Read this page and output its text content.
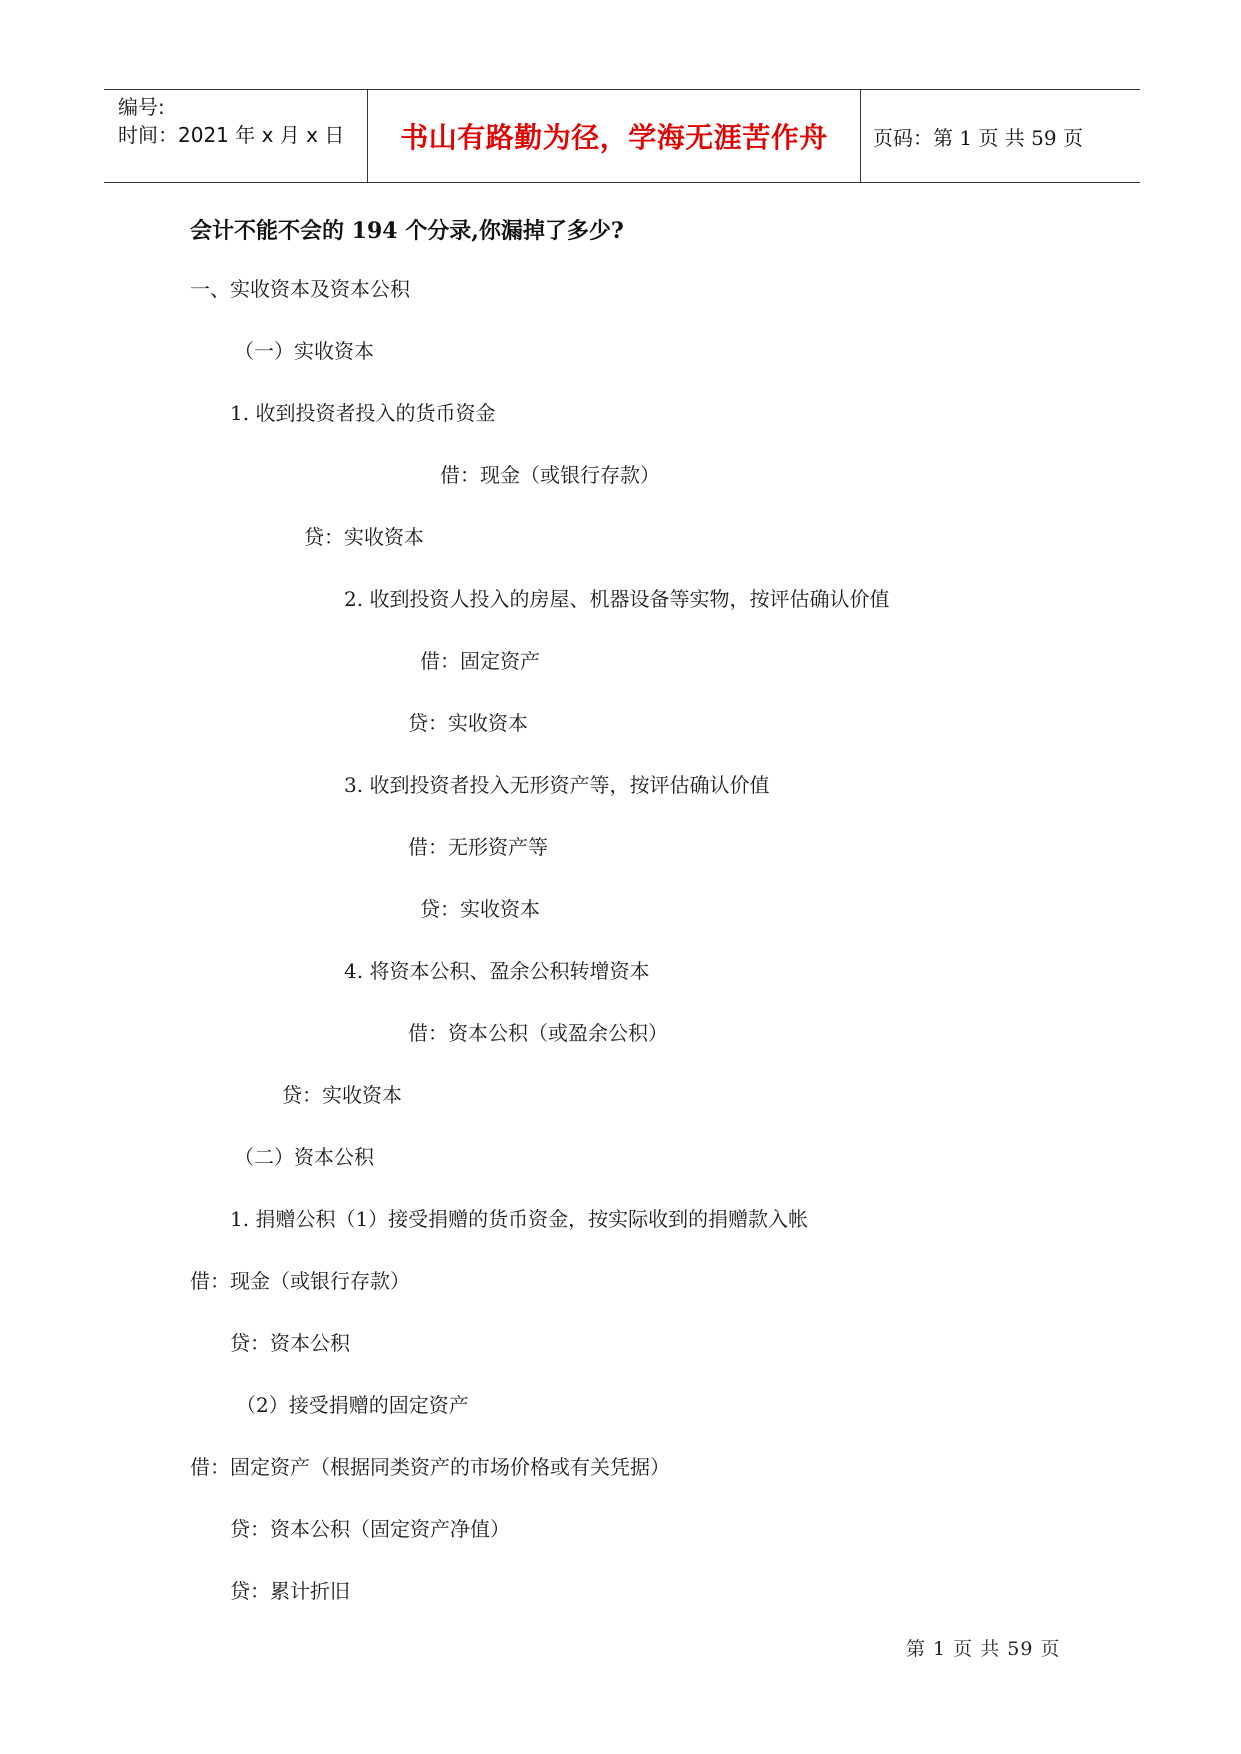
编号:
时间：2021 年 x 月 x 日	书山有路勤为径，学海无涯苦作舟	页码：第 1 页 共 59 页
会计不能不会的 194 个分录,你漏掉了多少?
一、实收资本及资本公积
（一）实收资本
1. 收到投资者投入的货币资金
借：现金（或银行存款）
贷：实收资本
2. 收到投资人投入的房屋、机器设备等实物，按评估确认价值
借：固定资产
贷：实收资本
3. 收到投资者投入无形资产等，按评估确认价值
借：无形资产等
贷：实收资本
4. 将资本公积、盈余公积转增资本
借：资本公积（或盈余公积）
贷：实收资本
（二）资本公积
1. 捐赠公积（1）接受捐赠的货币资金，按实际收到的捐赠款入帐
借：现金（或银行存款）
贷：资本公积
（2）接受捐赠的固定资产
借：固定资产（根据同类资产的市场价格或有关凭据）
贷：资本公积（固定资产净值）
贷：累计折旧
第 1 页 共 59 页
